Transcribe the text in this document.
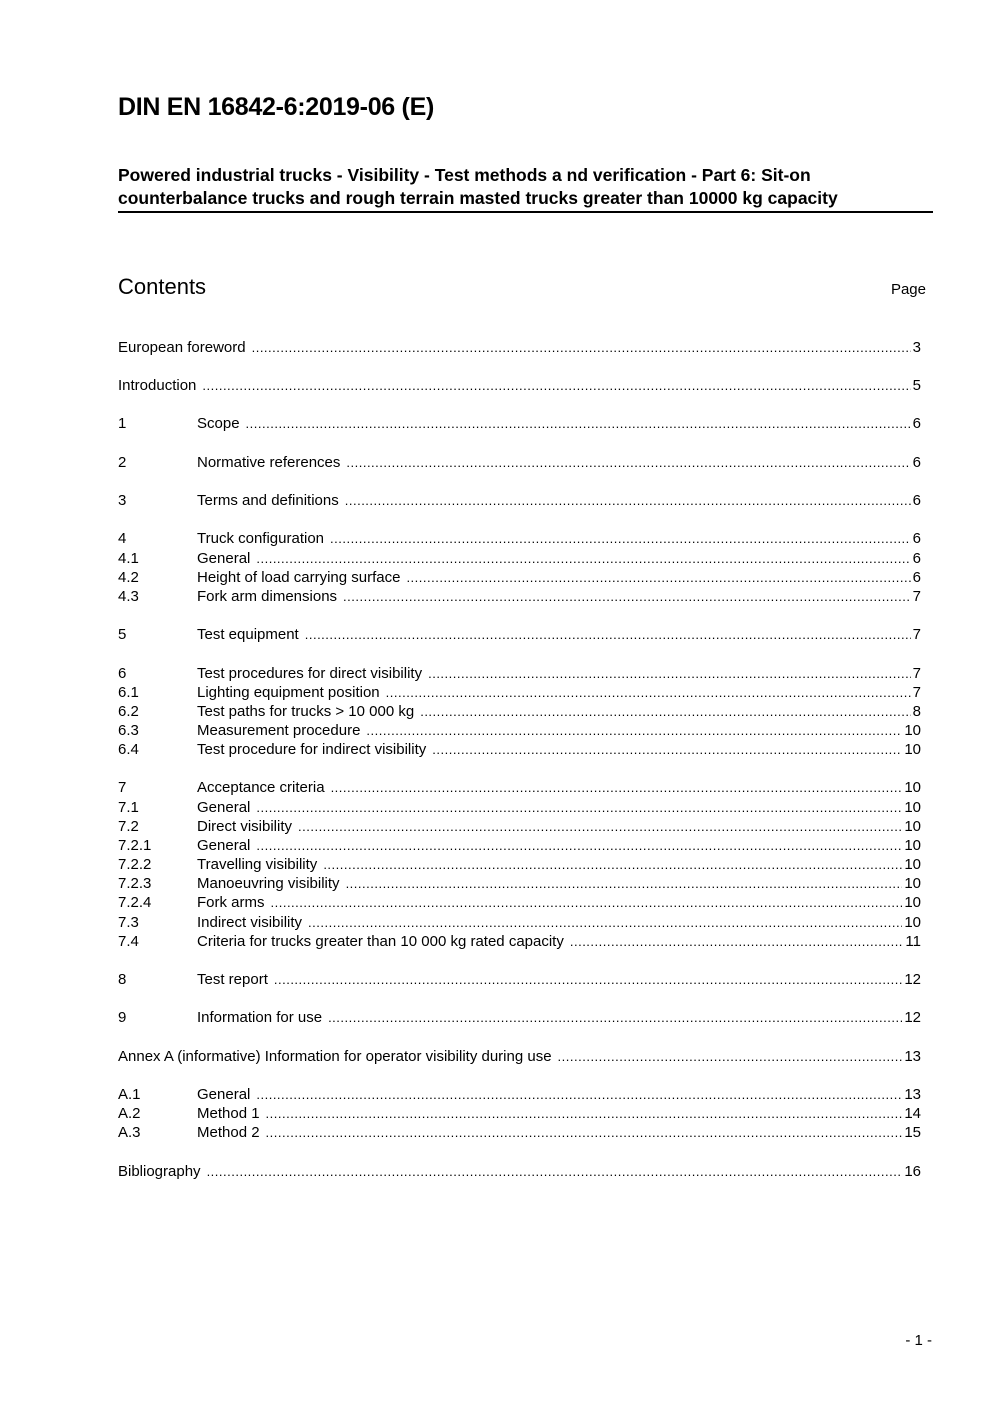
DIN EN 16842-6:2019-06 (E)
Powered industrial trucks - Visibility - Test methods a nd verification - Part 6: Sit-on counterbalance trucks and rough terrain masted trucks greater than 10000 kg capacity
Contents	Page
European foreword .....	3
Introduction .....	5
1	Scope .....	6
2	Normative references .....	6
3	Terms and definitions .....	6
4	Truck configuration .....	6
4.1	General .....	6
4.2	Height of load carrying surface .....	6
4.3	Fork arm dimensions .....	7
5	Test equipment .....	7
6	Test procedures for direct visibility .....	7
6.1	Lighting equipment position .....	7
6.2	Test paths for trucks > 10 000 kg .....	8
6.3	Measurement procedure .....	10
6.4	Test procedure for indirect visibility .....	10
7	Acceptance criteria .....	10
7.1	General .....	10
7.2	Direct visibility .....	10
7.2.1	General .....	10
7.2.2	Travelling visibility .....	10
7.2.3	Manoeuvring visibility .....	10
7.2.4	Fork arms .....	10
7.3	Indirect visibility .....	10
7.4	Criteria for trucks greater than 10 000 kg rated capacity .....	11
8	Test report .....	12
9	Information for use .....	12
Annex A (informative) Information for operator visibility during use .....	13
A.1	General .....	13
A.2	Method 1 .....	14
A.3	Method 2 .....	15
Bibliography .....	16
- 1 -
